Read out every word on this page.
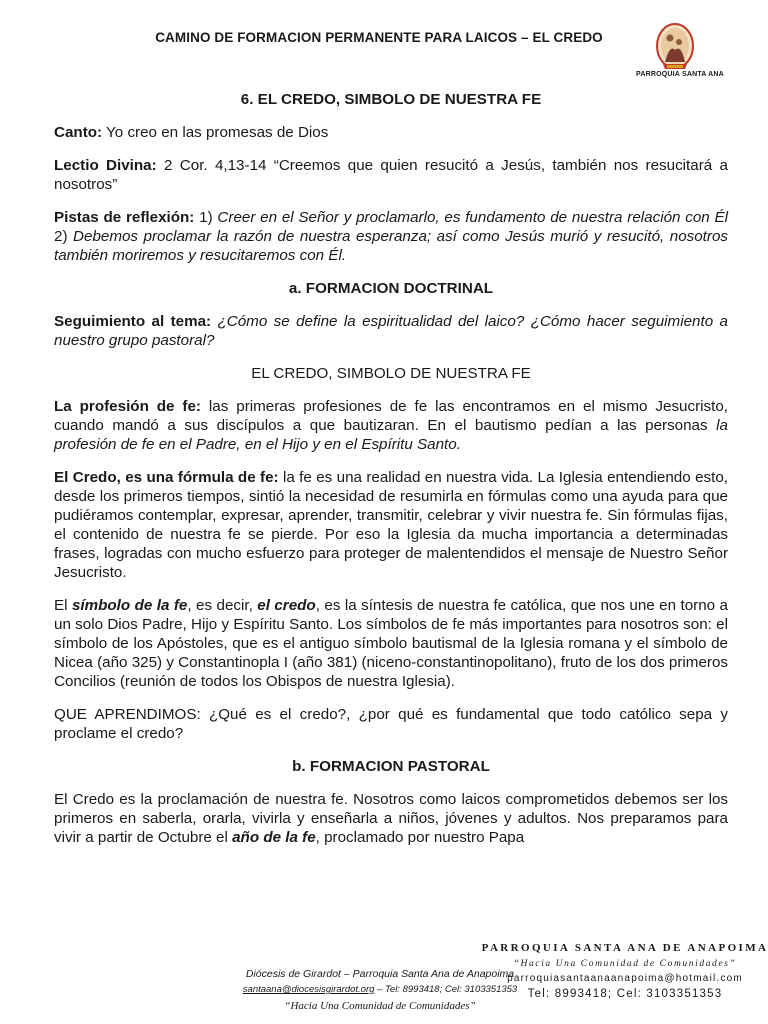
CAMINO DE FORMACION PERMANENTE PARA LAICOS – EL CREDO
PARROQUIA SANTA ANA

6. EL CREDO, SIMBOLO DE NUESTRA FE

Canto: Yo creo en las promesas de Dios

Lectio Divina: 2 Cor. 4,13-14 “Creemos que quien resucitó a Jesús, también nos resucitará a nosotros”

Pistas de reflexión: 1) Creer en el Señor y proclamarlo, es fundamento de nuestra relación con Él 2) Debemos proclamar la razón de nuestra esperanza; así como Jesús murió y resucitó, nosotros también moriremos y resucitaremos con Él.

a. FORMACION DOCTRINAL

Seguimiento al tema: ¿Cómo se define la espiritualidad del laico? ¿Cómo hacer seguimiento a nuestro grupo pastoral?

EL CREDO, SIMBOLO DE NUESTRA FE

La profesión de fe: las primeras profesiones de fe las encontramos en el mismo Jesucristo, cuando mandó a sus discípulos a que bautizaran. En el bautismo pedían a las personas la profesión de fe en el Padre, en el Hijo y en el Espíritu Santo.

El Credo, es una fórmula de fe: la fe es una realidad en nuestra vida. La Iglesia entendiendo esto, desde los primeros tiempos, sintió la necesidad de resumirla en fórmulas como una ayuda para que pudiéramos contemplar, expresar, aprender, transmitir, celebrar y vivir nuestra fe. Sin fórmulas fijas, el contenido de nuestra fe se pierde. Por eso la Iglesia da mucha importancia a determinadas frases, logradas con mucho esfuerzo para proteger de malentendidos el mensaje de Nuestro Señor Jesucristo.

El símbolo de la fe, es decir, el credo, es la síntesis de nuestra fe católica, que nos une en torno a un solo Dios Padre, Hijo y Espíritu Santo. Los símbolos de fe más importantes para nosotros son: el símbolo de los Apóstoles, que es el antiguo símbolo bautismal de la Iglesia romana y el símbolo de Nicea (año 325) y Constantinopla I (año 381) (niceno-constantinopolitano), fruto de los dos primeros Concilios (reunión de todos los Obispos de nuestra Iglesia).

QUE APRENDIMOS: ¿Qué es el credo?, ¿por qué es fundamental que todo católico sepa y proclame el credo?

b. FORMACION PASTORAL

El Credo es la proclamación de nuestra fe. Nosotros como laicos comprometidos debemos ser los primeros en saberla, orarla, vivirla y enseñarla a niños, jóvenes y adultos. Nos preparamos para vivir a partir de Octubre el año de la fe, proclamado por nuestro Papa

PARROQUIA SANTA ANA DE ANAPOIMA
“Hacia Una Comunidad de Comunidades”
parroquiasantaanaanapoima@hotmail.com
Tel: 8993418; Cel: 3103351353
Diócesis de Girardot – Parroquia Santa Ana de Anapoima
santaana@diocesisgirardot.org – Tel: 8993418; Cel: 3103351353
“Hacia Una Comunidad de Comunidades”
